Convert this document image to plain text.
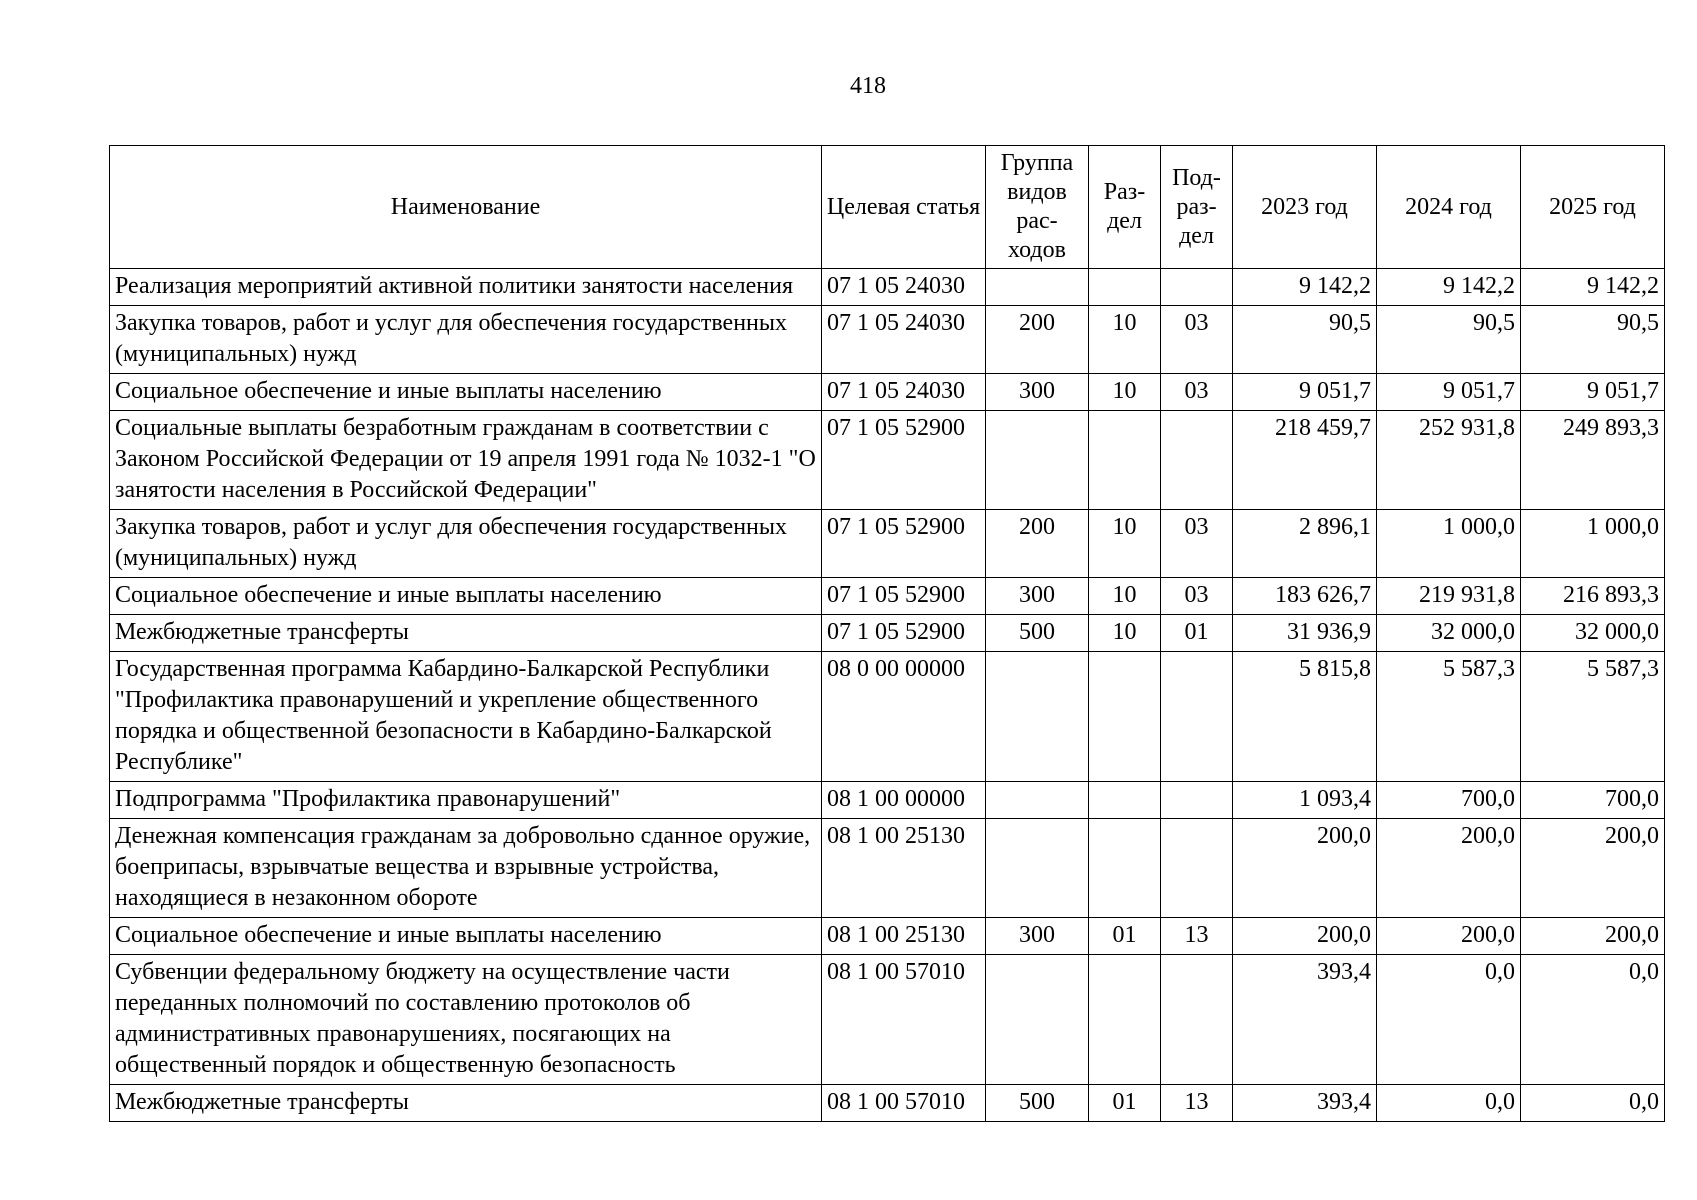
418
Наименование	Целевая статья	Группа видов рас-ходов	Раз-дел	Под-раз-дел	2023 год	2024 год	2025 год
Реализация мероприятий активной политики занятости населения	07 1 05 24030				9 142,2	9 142,2	9 142,2
Закупка товаров, работ и услуг для обеспечения государственных (муниципальных) нужд	07 1 05 24030	200	10	03	90,5	90,5	90,5
Социальное обеспечение и иные выплаты населению	07 1 05 24030	300	10	03	9 051,7	9 051,7	9 051,7
Социальные выплаты безработным гражданам в соответствии с Законом Российской Федерации от 19 апреля 1991 года № 1032-1 "О занятости населения в Российской Федерации"	07 1 05 52900				218 459,7	252 931,8	249 893,3
Закупка товаров, работ и услуг для обеспечения государственных (муниципальных) нужд	07 1 05 52900	200	10	03	2 896,1	1 000,0	1 000,0
Социальное обеспечение и иные выплаты населению	07 1 05 52900	300	10	03	183 626,7	219 931,8	216 893,3
Межбюджетные трансферты	07 1 05 52900	500	10	01	31 936,9	32 000,0	32 000,0
Государственная программа Кабардино-Балкарской Республики "Профилактика правонарушений и укрепление общественного порядка и общественной безопасности в Кабардино-Балкарской Республике"	08 0 00 00000				5 815,8	5 587,3	5 587,3
Подпрограмма "Профилактика правонарушений"	08 1 00 00000				1 093,4	700,0	700,0
Денежная компенсация гражданам за добровольно сданное оружие, боеприпасы, взрывчатые вещества и взрывные устройства, находящиеся в незаконном обороте	08 1 00 25130				200,0	200,0	200,0
Социальное обеспечение и иные выплаты населению	08 1 00 25130	300	01	13	200,0	200,0	200,0
Субвенции федеральному бюджету на осуществление части переданных полномочий по составлению протоколов об административных правонарушениях, посягающих на общественный порядок и общественную безопасность	08 1 00 57010				393,4	0,0	0,0
Межбюджетные трансферты	08 1 00 57010	500	01	13	393,4	0,0	0,0
